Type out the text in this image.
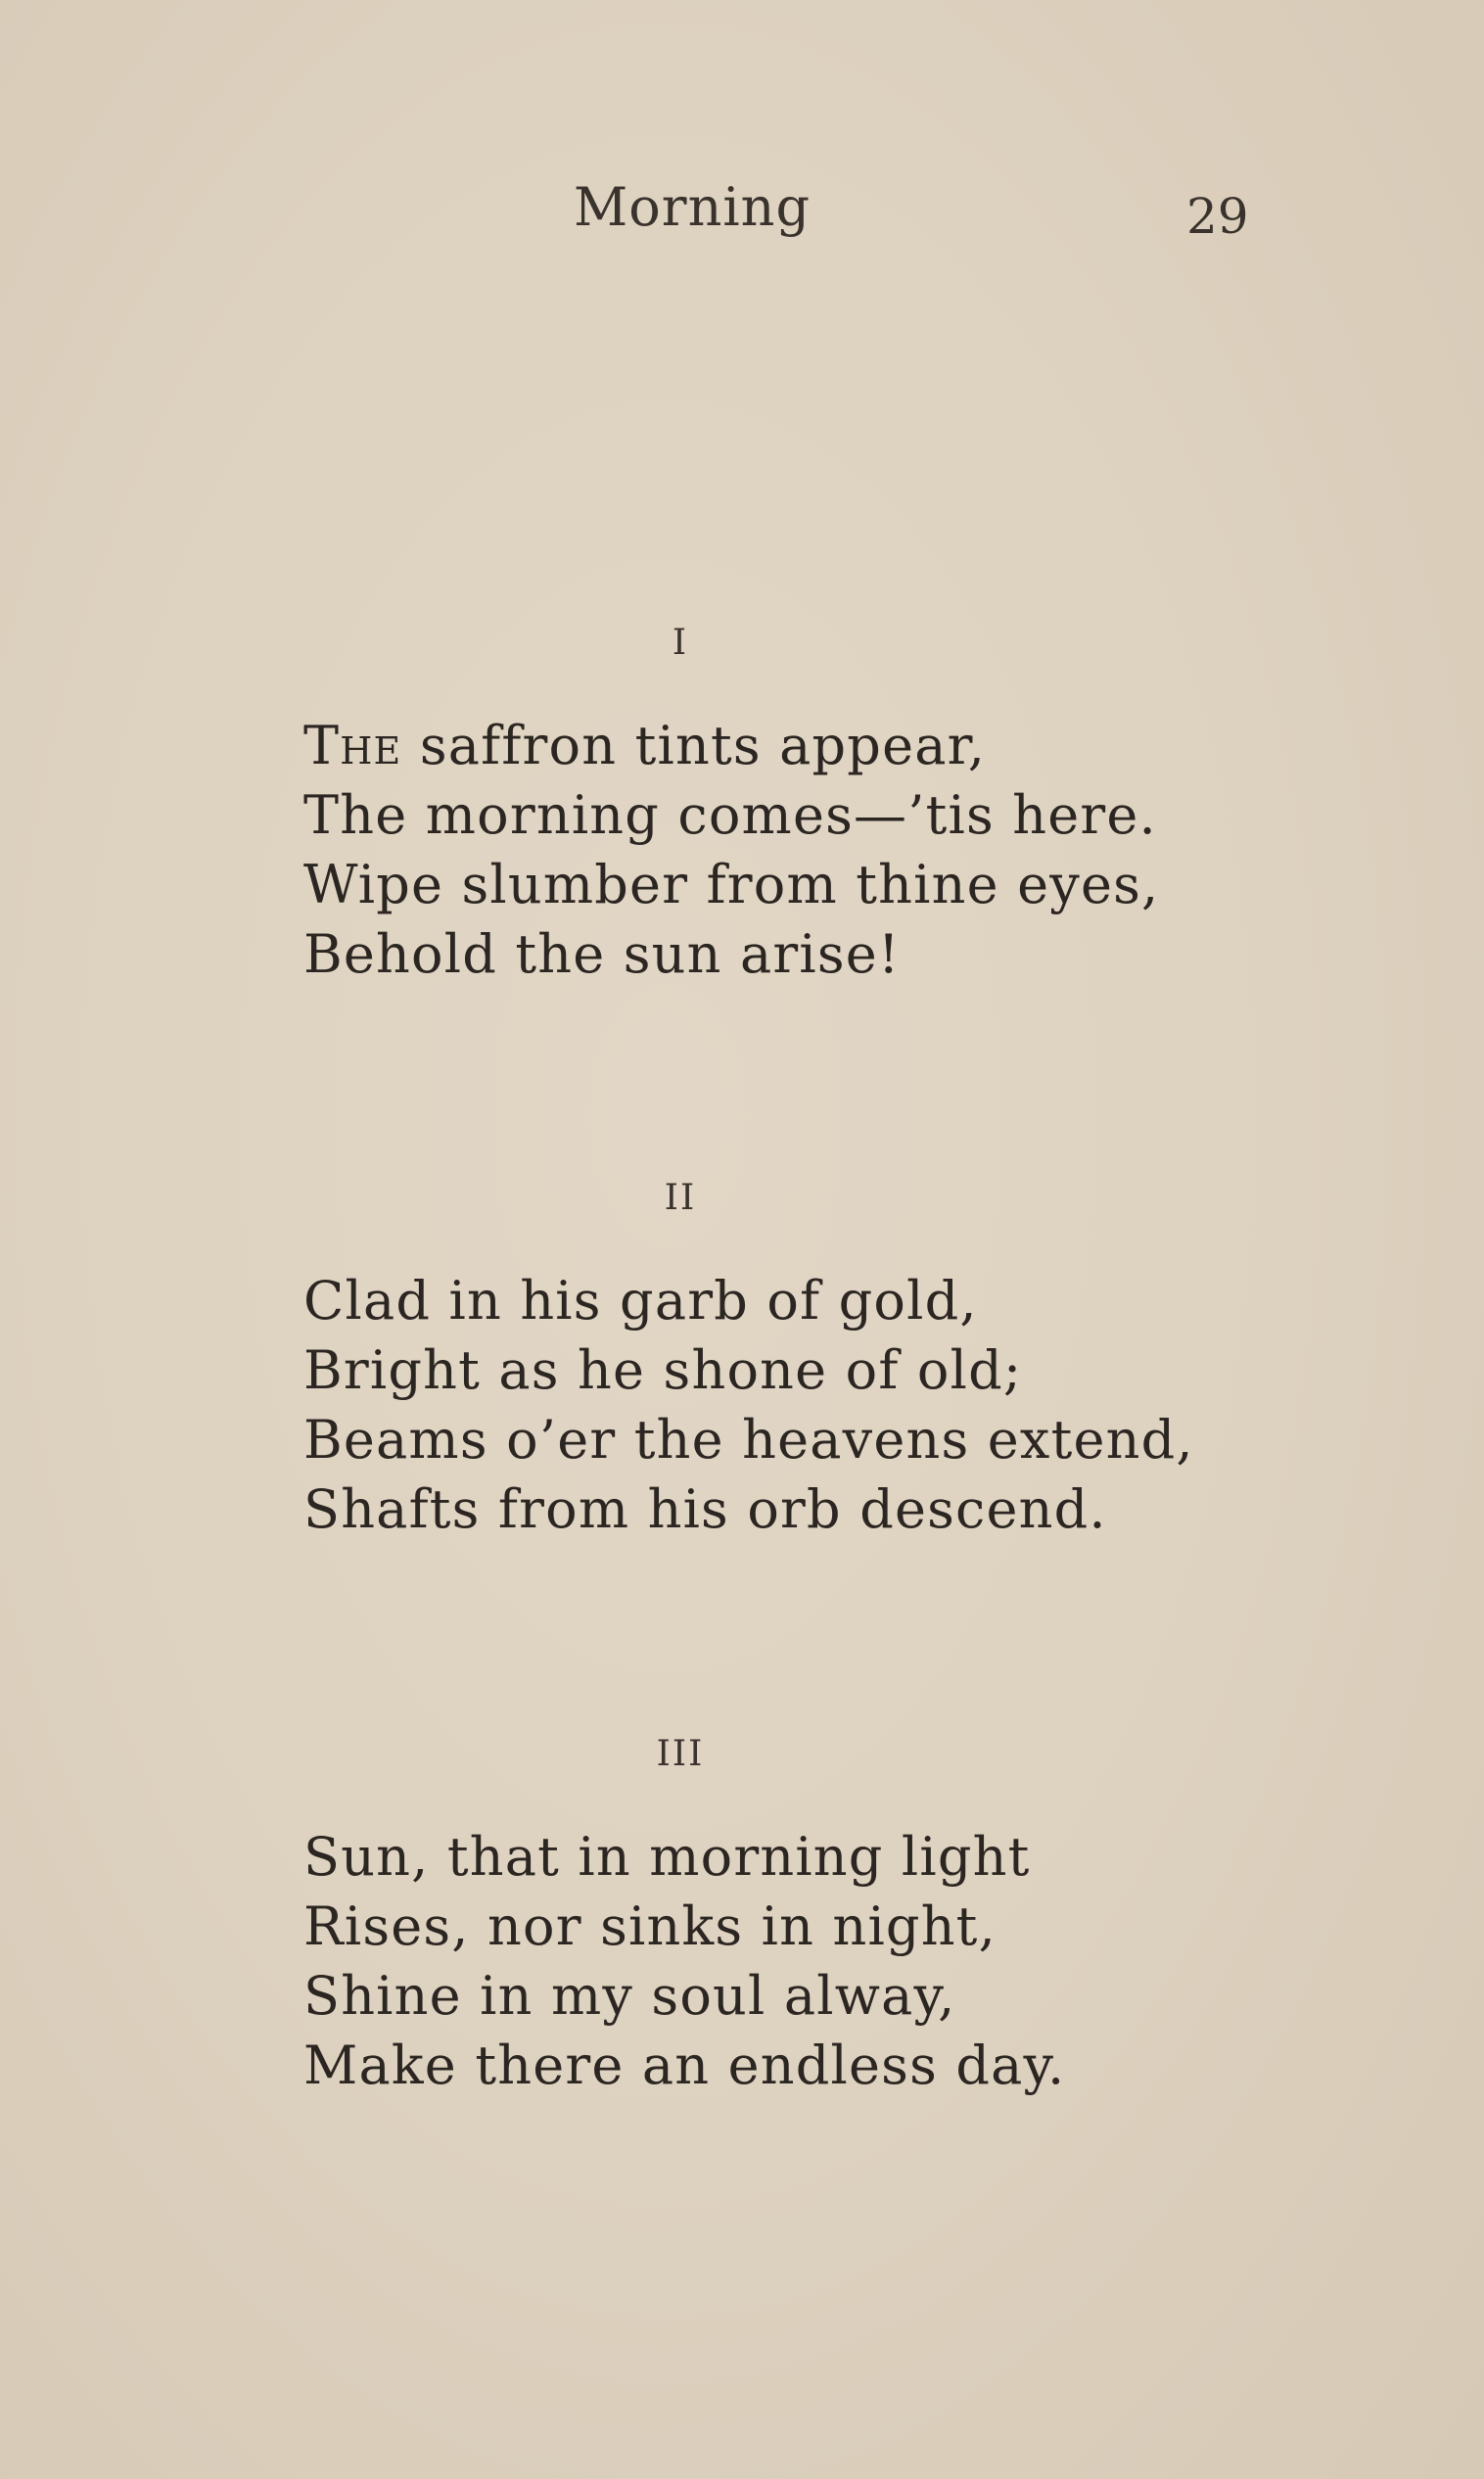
Morning	29
I
The saffron tints appear,
The morning comes—’tis here.
Wipe slumber from thine eyes,
Behold the sun arise!
II
Clad in his garb of gold,
Bright as he shone of old;
Beams o’er the heavens extend,
Shafts from his orb descend.
III
Sun, that in morning light
Rises, nor sinks in night,
Shine in my soul alway,
Make there an endless day.
